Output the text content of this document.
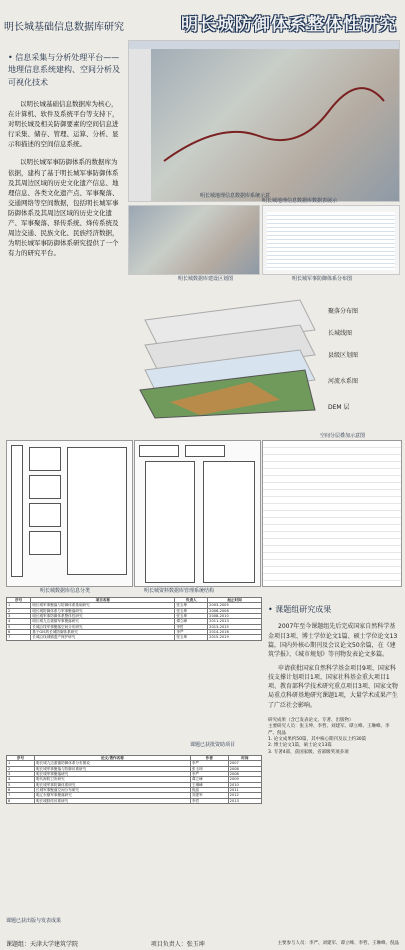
明长城基础信息数据库研究	明长城防御体系整体性研究
• 信息采集与分析处理平台——地理信息系统建构、空间分析及可视化技术

以明长城基础信息数据库为核心，在计算机、软件及系统平台等支持下，对明长城及相关防御要素的空间信息进行采集、储存、管理、运算、分析、显示和描述的空间信息系统。

以明长城军事防御体系的数据库为依据，建构了基于明长城军事防御体系及其周边区域的历史文化遗产信息、地理信息、各类文化遗产点、军事聚落、交通网络等空间数据，包括明长城军事防御体系及其周边区域的历史文化遗产、军事聚落、驿传系统、烽传系统及周边交通、民族文化、民族经济数据，为明长城军事防御体系研究提供了一个有力的研究平台。

明长城地理信息数据库系统示意
明长城地理信息数据库数据表展示
明长城数据库建设区划图	明长城军事防御体系分布图
聚落分布图
长城线图
县级区划图
河流水系图
DEM 层
空间分层叠加示意图
明长城数据库信息分类	明长城资料数据库管理系统结构
序号	项目名称	负责人	起止时间
1	明长城军事聚落与防御体系基础研究	张玉坤	2003-2005
2	明长城防御体系与军事聚落研究	张玉坤	2006-2008
3	明长城军事防御体系整体性研究	张玉坤	2008-2010
4	明长城九边重镇军事聚落研究	谭立峰	2011-2013
5	长城沿线军事聚落空间分布研究	李哲	2013-2015
6	基于GIS的长城防御体系研究	李严	2014-2016
7	长城沿线城镇遗产保护研究	张玉坤	2015-2019
课题已获批资助项目
• 课题组研究成果

2007年至今课题组先后完成国家自然科学基金项目3项、博士学位论文1篇、硕士学位论文13篇，国内外核心期刊及会议论文50余篇，在《建筑学报》、《城市规划》等刊物发表论文多篇。

申请获批国家自然科学基金项目9项、国家科技支撑计划项目1项、国家社科基金重大项目1项、教育部科学技术研究重点项目3项、国家文物局重点科研基地研究课题1项，大量学术成果产生了广泛社会影响。

研究成果（含已发表论文、专著、出版物）
主要研究人员：张玉坤、李哲、刘建军、谭立峰、王琳峰、李严、倪晶
1. 论文成果约50篇，其中核心期刊及以上约30篇
2. 博士论文1篇，硕士论文13篇
3. 专著4部，获国家级、省部级奖项多项
序号	论文/著作名称	作者	时间
1	明长城九边重镇防御体系分布图说	李严	2007
2	明长城军事聚落与防御体系研究	张玉坤	2008
3	明长城军事聚落研究	李严	2008
4	明代海防卫所研究	谭立峰	2009
5	明长城军事防御体系研究	王琳峰	2010
6	长城军事聚落空间分布研究	倪晶	2011
7	明辽东镇军事聚落研究	刘建军	2012
8	明长城驿传体系研究	李哲	2013
课题已获出版与发表成果
课题组：天津大学建筑学院	项目负责人：张玉坤	主要参与人员：李严、刘建军、谭立峰、李哲、王琳峰、倪晶
